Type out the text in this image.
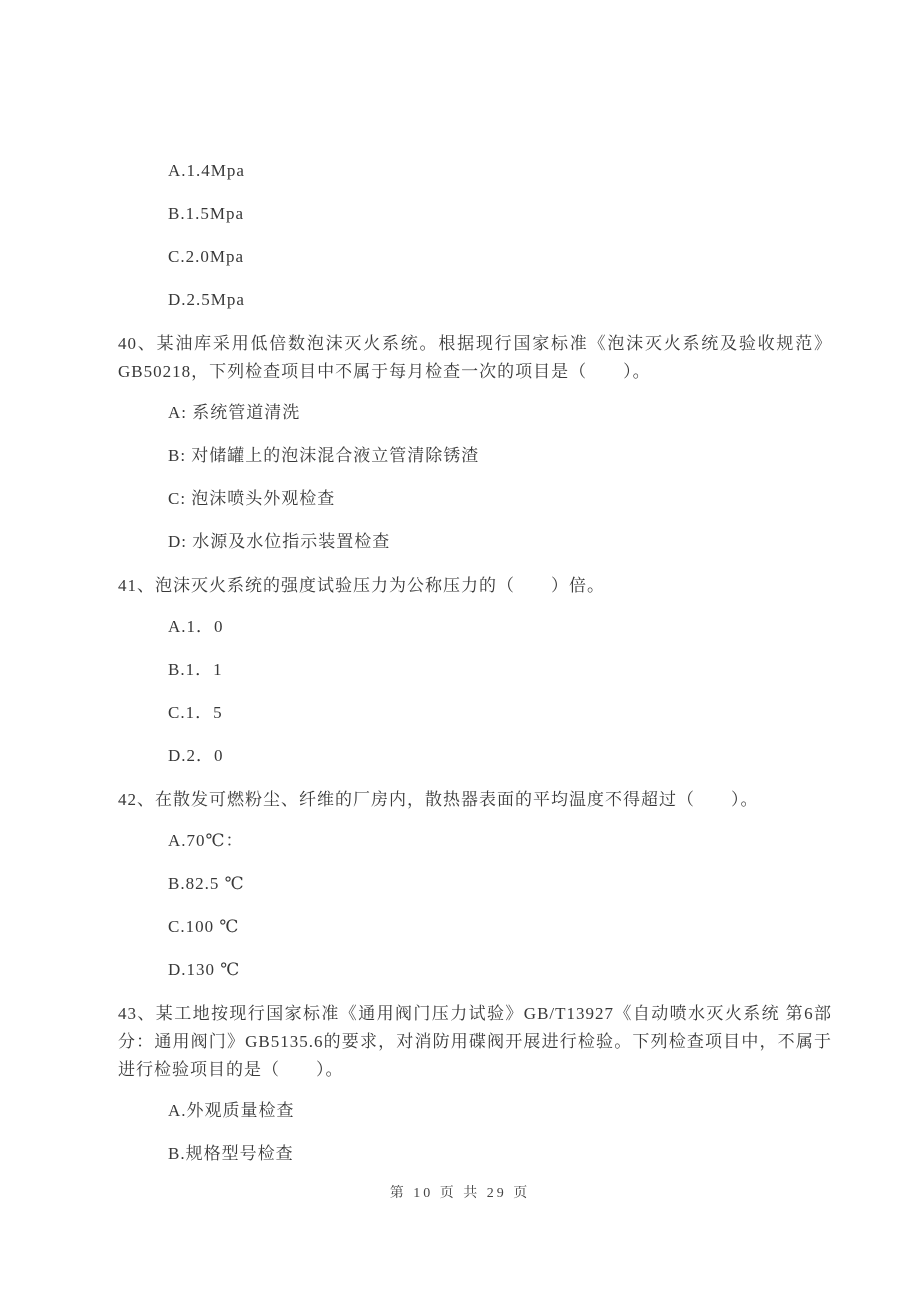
A.1.4Mpa
B.1.5Mpa
C.2.0Mpa
D.2.5Mpa

40、某油库采用低倍数泡沫灭火系统。根据现行国家标准《泡沫灭火系统及验收规范》GB50218，下列检查项目中不属于每月检查一次的项目是（　　）。

A: 系统管道清洗
B: 对储罐上的泡沫混合液立管清除锈渣
C: 泡沫喷头外观检查
D: 水源及水位指示装置检查

41、泡沫灭火系统的强度试验压力为公称压力的（　　）倍。

A.1．0
B.1．1
C.1．5
D.2．0

42、在散发可燃粉尘、纤维的厂房内，散热器表面的平均温度不得超过（　　）。

A.70℃：
B.82.5 ℃
C.100 ℃
D.130 ℃

43、某工地按现行国家标准《通用阀门压力试验》GB/T13927《自动喷水灭火系统 第6部分：通用阀门》GB5135.6的要求，对消防用碟阀开展进行检验。下列检查项目中，不属于进行检验项目的是（　　）。

A.外观质量检查
B.规格型号检查
第 10 页 共 29 页
